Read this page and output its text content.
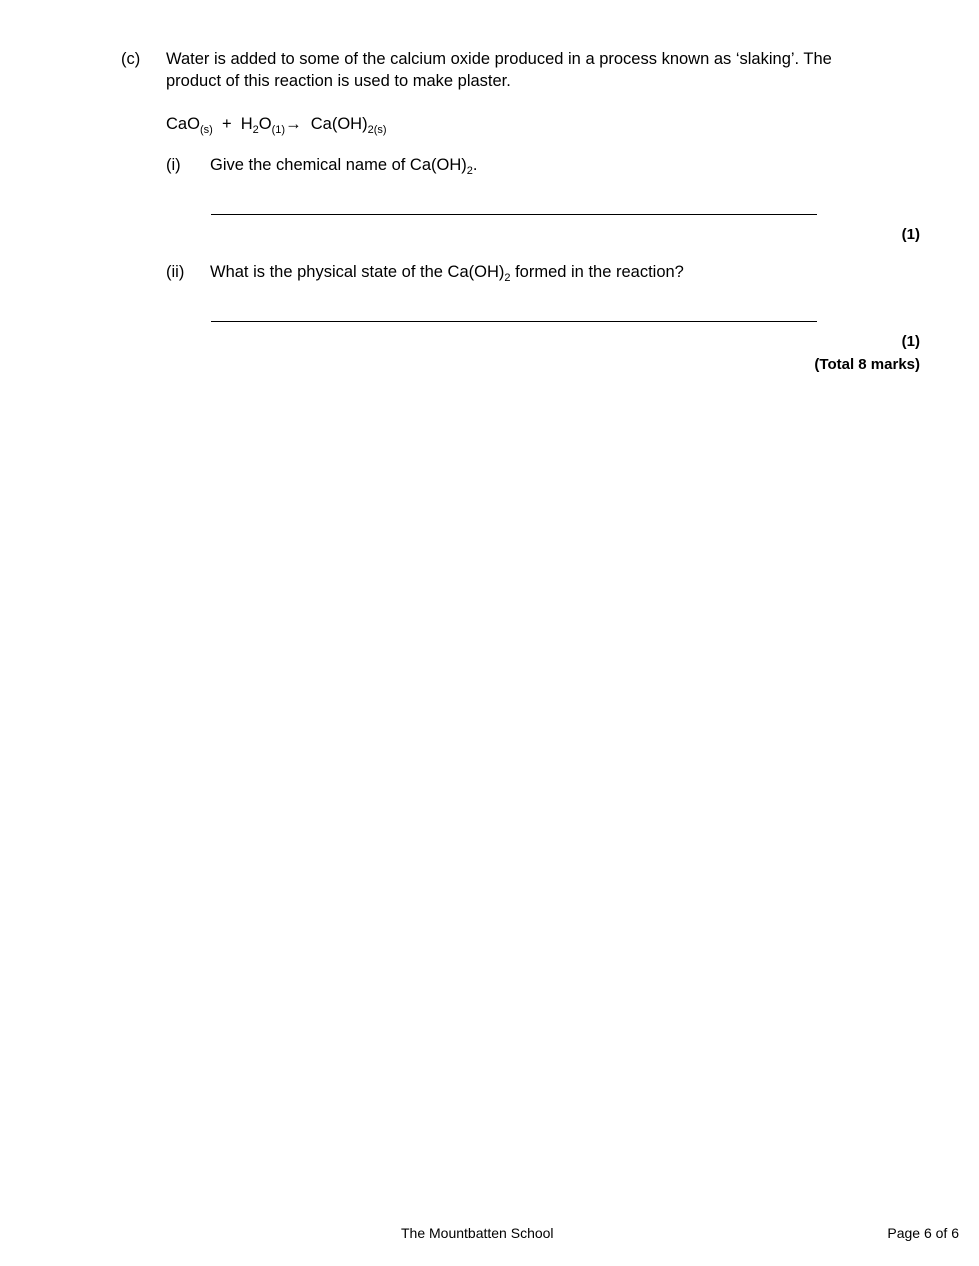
(c) Water is added to some of the calcium oxide produced in a process known as ‘slaking’. The
product of this reaction is used to make plaster.
$CaO_{(s)} + H_2O_{(1)}\to Ca(OH)_{2(s)}$
(i) Give the chemical name of $Ca(OH)_2$.
(1)
(ii) What is the physical state of the $Ca(OH)_2$ formed in the reaction?
(1)
(Total 8 marks)
The Mountbatten School	Page 6 of 6
